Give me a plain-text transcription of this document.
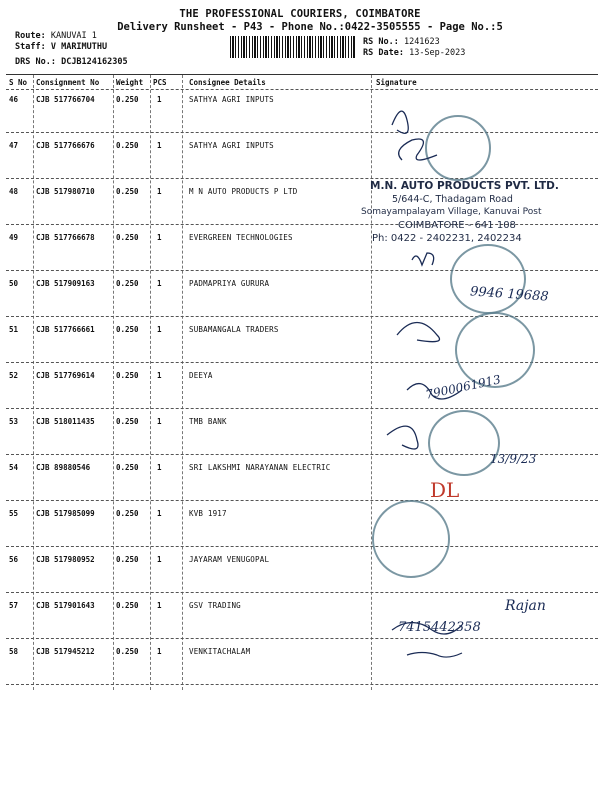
THE PROFESSIONAL COURIERS, COIMBATORE
Delivery Runsheet - P43 - Phone No.:0422-3505555 - Page No.:5
Route: KANUVAI 1
Staff: V MARIMUTHU
DRS No.: DCJB124162305
RS No.: 1241623
RS Date: 13-Sep-2023
S No Consignment No Weight PCS	Consignee Details	Signature
46 CJB 517766704	0.250 1	SATHYA AGRI INPUTS
47 CJB 517766676	0.250 1	SATHYA AGRI INPUTS
48 CJB 517980710	0.250 1	M N AUTO PRODUCTS P LTD
49 CJB 517766678	0.250 1	EVERGREEN TECHNOLOGIES
50 CJB 517909163	0.250 1	PADMAPRIYA GURURA
51 CJB 517766661	0.250 1	SUBAMANGALA TRADERS
52 CJB 517769614	0.250 1	DEEYA
53 CJB 518011435	0.250 1	TMB BANK
54 CJB 89880546	0.250 1	SRI LAKSHMI NARAYANAN ELECTRIC
55 CJB 517985099	0.250 1	KVB 1917
56 CJB 517980952	0.250 1	JAYARAM VENUGOPAL
57 CJB 517901643	0.250 1	GSV TRADING
58 CJB 517945212	0.250 1	VENKITACHALAM
M.N. AUTO PRODUCTS PVT. LTD.
5/644-C, Thadagam Road
Somayampalayam Village, Kanuvai Post
COIMBATORE - 641 108
Ph: 0422 - 2402231, 2402234
9946 19688
7900061913
13/9/23
DL
Rajan
7415442358
